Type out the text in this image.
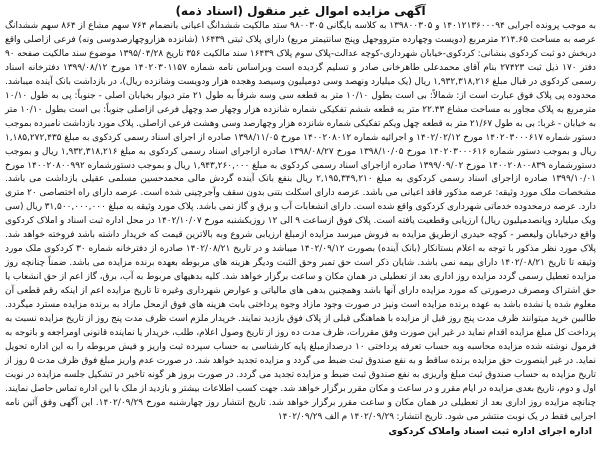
آگهی مزایده اموال غیر منقول (اسناد ذمه)

به موجب پرونده اجرایی ۱۴۰۱۲۱۳۶۰۰۰۹۴ و ۱۳۹۸۰۰۳۰۵ به کلاسه بایگانی ۹۸۰۰۳۰۵ ستد مالکیت ششدانگ اعیانی بانضمام ۷۶۴ سهم مشاع از ۸۶۴ سهم ششدانگ عرصه به مساحت ۲۱۴.۶۵ مترمربع (دویست وچهارده مترووجهل وپنج سانتیمتر مربع) دارای پلاک ثبتی ۱۶۴۳۹ (شانزده هزاروچهارصدوسی ونه) فرعی ازاصلی واقع دربخش دو ثبت کردکوی بنشانی: کردکوی-خیابان شهرداری-کوچه عدالت-پلاک سوم پلاک ۱۶۴۳۹ سند مالکیت ۳۵۶ تاریخ ۱۳۹۵/۰۴/۲۸ موضوع سند مالکیت صفحه ۹۰ دفتر ۱۷۰ ذیل ثبت ۲۷۴۲۳ بنام آقای محمدعلی طاهرخانی صادر و تسلیم گردیده است وبراساس نامه شماره ۱۴۰۲۰۳۰۱۱۵۷ مورخ ۱۳۹۹/۰۸/۱۲ دفترخانه اسناد رسمی کردکوی در قبال مبلغ ۱,۹۳۲,۳۱۸,۲۱۶ ریال (یک میلیارد ونهصد وسی دومیلیون وسیصد وهجده هزار ودویست وشانزده ریال)، در بازداشت بانک آینده میباشد. محدوده پی پلاک فوق عبارت است از: شمالاً: بی است بطول ۱۰/۱۰ متر به قطعه سی وسه شرقاً به طول ۲۱ متر دیوار بخیابان اصلی - جنوباً: پی به طول ۱۰/۱۰ مترمربع به پلاک مجاور به مساحت مشاع ۲۲.۴۳ متر به قطعه ششم تفکیکی شماره شانزده هزار وچهار صد وچهل فرعی ازاصلی جنوباً: بی است بطول ۱۰/۱۰ متر به خیابان - غربا: بی به طول ۲۱/۶۷ متر به قطعه چهل ویکم تفکیکی شماره شانزده هزار وچهارصد وسی وهشت فرعی ازاصلی. پلاک مورد بازداشت نامبرده بموجب دستور شماره ۱۴۰۲۰۳۰۰۰۶۱۷ مورخ ۱۴۰۲/۰۲/۱۲ و اجرائیه شماره ۱۴۰۰۲۰۸۰۱۲ مورخ ۱۳۹۸/۱۱/۰۵ صادره از اجرای اسناد رسمی کردکوی به مبلغ ۱,۱۸۵,۲۷۲,۴۳۵ ریال و بموجب دستور شماره ۱۴۰۲۰۳۰۰۰۶۱۶ مورخ ۱۳۹۸/۱۰/۰۵ مورخ ۱۳۹۸/۰۸/۲۷ صادره ازاجرای اسناد رسمی کردکوی به مبلغ ۱,۹۳۲,۳۱۸,۲۱۶ ریال و بموجب دستورشماره ۱۴۰۰۲۰۸۰۰۸۳۹ مورخ ۱۳۹۹/۰۹/۰۲ صادره ازاجرای اسناد رسمی کردکوی به مبلغ ۱,۹۴۳,۲۶۰,۰۰۰ ریال و بموجب دستورشماره ۱۴۰۰۲۰۸۰۰۹۹۲ مورخ ۱۳۹۹/۱۰/۰۱ صادره ازاجرای اسناد رسمی کردکوی به مبلغ ۲,۱۹۵,۳۴۹,۲۱۰ ریال بنفع بانک آینده گردش مالی محمدحسین مسلمی عقیلی بازداشت می باشد. مشخصات ملک مورد وثیقه: عرصه مذکور فاقد اعیانی می باشد. عرصه دارای اسکلت بتنی بدون سقف وآجرچینی شده است. عرصه دارای راه اختصاصی ۲۰ متری دارد. عرصه درمحدوده خدماتی شهرداری کردکوی واقع شده است. دارای انشعابات آب و برق و گاز نمی باشد. پلاک مورد وثیقه به مبلغ ۳۱,۵۰۰,۰۰۰,۰۰۰ ریال (سی ویک میلیارد وپانصدمیلیون ریال) ارزیابی وقطعیت یافته است. پلاک فوق ازساعت ۹ الی ۱۲ روزیکشنبه مورخ ۱۴۰۲/۱۰/۰۷ در محل اداره ثبت اسناد و املاک کردکوی واقع درخیابان ولیعصر - کوچه حیدری ازطریق مزایده به فروش میرسد مزایده ازمبلغ ارزیابی شروع وبه بالاترین قیمت که خریدار داشته باشد فروخته خواهد شد. پلاک مورد نظر مذکور با توجه به اعلام بستانکار (بانک آینده) بصورت ۱۴۰۲/۰۹/۱۲ میباشد و در تاریخ ۱۴۰۲/۰۸/۲۱ صادره از دفترخانه شماره ۳۰ کردکوی ملک مورد وثیقه تا تاریخ ۱۴۰۲/۰۸/۲۱ دارای بیمه نمی باشد. شایان ذکر است حق تمبر وحق الثبت ودیگر هزینه های مربوطه بعهده برنده مزایده می باشد. ضمناً چنانچه روز مزایده تعطیل رسمی گردد مزایده روز اداری بعد از تعطیلی در همان مکان و ساعت برگزار خواهد شد. کلیه بدهیهای مربوط به آب، برق، گاز اعم از حق انشعاب یا حق اشتراک ومصرف درصورتی که مورد مزایده دارای آنها باشد وهمچنین بدهی های مالیاتی و عوارض شهرداری وغیره تا تاریخ مزایده اعم از اینکه رقم قطعی آن معلوم شده یا نشده باشد به عهده برنده مزایده است ونیز در صورت وجود مازاد وجوه پرداختی بابت هزینه های فوق ازمحل مازاد به برنده مزایده مسترد میگردد. طالبین خرید میتوانند ظرف مدت پنج روز قبل از مزایده با هماهنگی قبلی از پلاک فوق بازدید نمایند. خریدار ملزم است ظرف مدت پنج روز از تاریخ مزایده نسبت به پرداخت کل مبلغ مزایده اقدام نماید در غیر این صورت وفق مقررات، ظرف مدت ده روز از تاریخ وصول اعلام، طلب، خریدار یا نماینده قانونی اومراجعه و باتوجه به فرمول نوشته شده مزایده محاسبه وبه حساب تعرفه پرداختی ۱۰ درصدازمبلغ پایه کارشناسی به حساب سپرده ثبت واریز و فیش مربوطه را به این اداره تحویل نماید. در غیر اینصورت حق مزایده برنده ساقط و به نفع صندوق ثبت ضبط می گردد و مزایده تجدید خواهد شد. در صورت عدم واریز مبلغ فوق ظرف مدت ۵ روز از تاریخ مزایده به حساب صندوق ثبت مبلغ واریزی به نفع صندوق ثبت ضبط و مزایده تجدید می گردد. در صورت بروز هر گونه تاخیر در تشکیل جلسه مزایده در نوبت اول و دوم، تاریخ بعدی مزایده در ایام مقرر و در ساعت و مکان مقرر برگزار خواهد شد. جهت کسب اطلاعات بیشتر و بازدید از ملک با این اداره تماس حاصل نمایند. چنانچه مزایده روز اداری بعد از تعطیلی در همان مکان و ساعت مقرر برگزار خواهد شد. تاریخ انتشار روز چهارشنبه مورخ ۱۴۰۲/۰۹/۲۹. این آگهی وفق آئین نامه اجرایی فقط در یک نوبت منتشر می شود. تاریخ انتشار: ۱۴۰۲/۰۹/۲۹ م الف ۱۴۰۲/۰۹/۲۹

اداره اجرای اداره ثبت اسناد واملاک کردکوی
